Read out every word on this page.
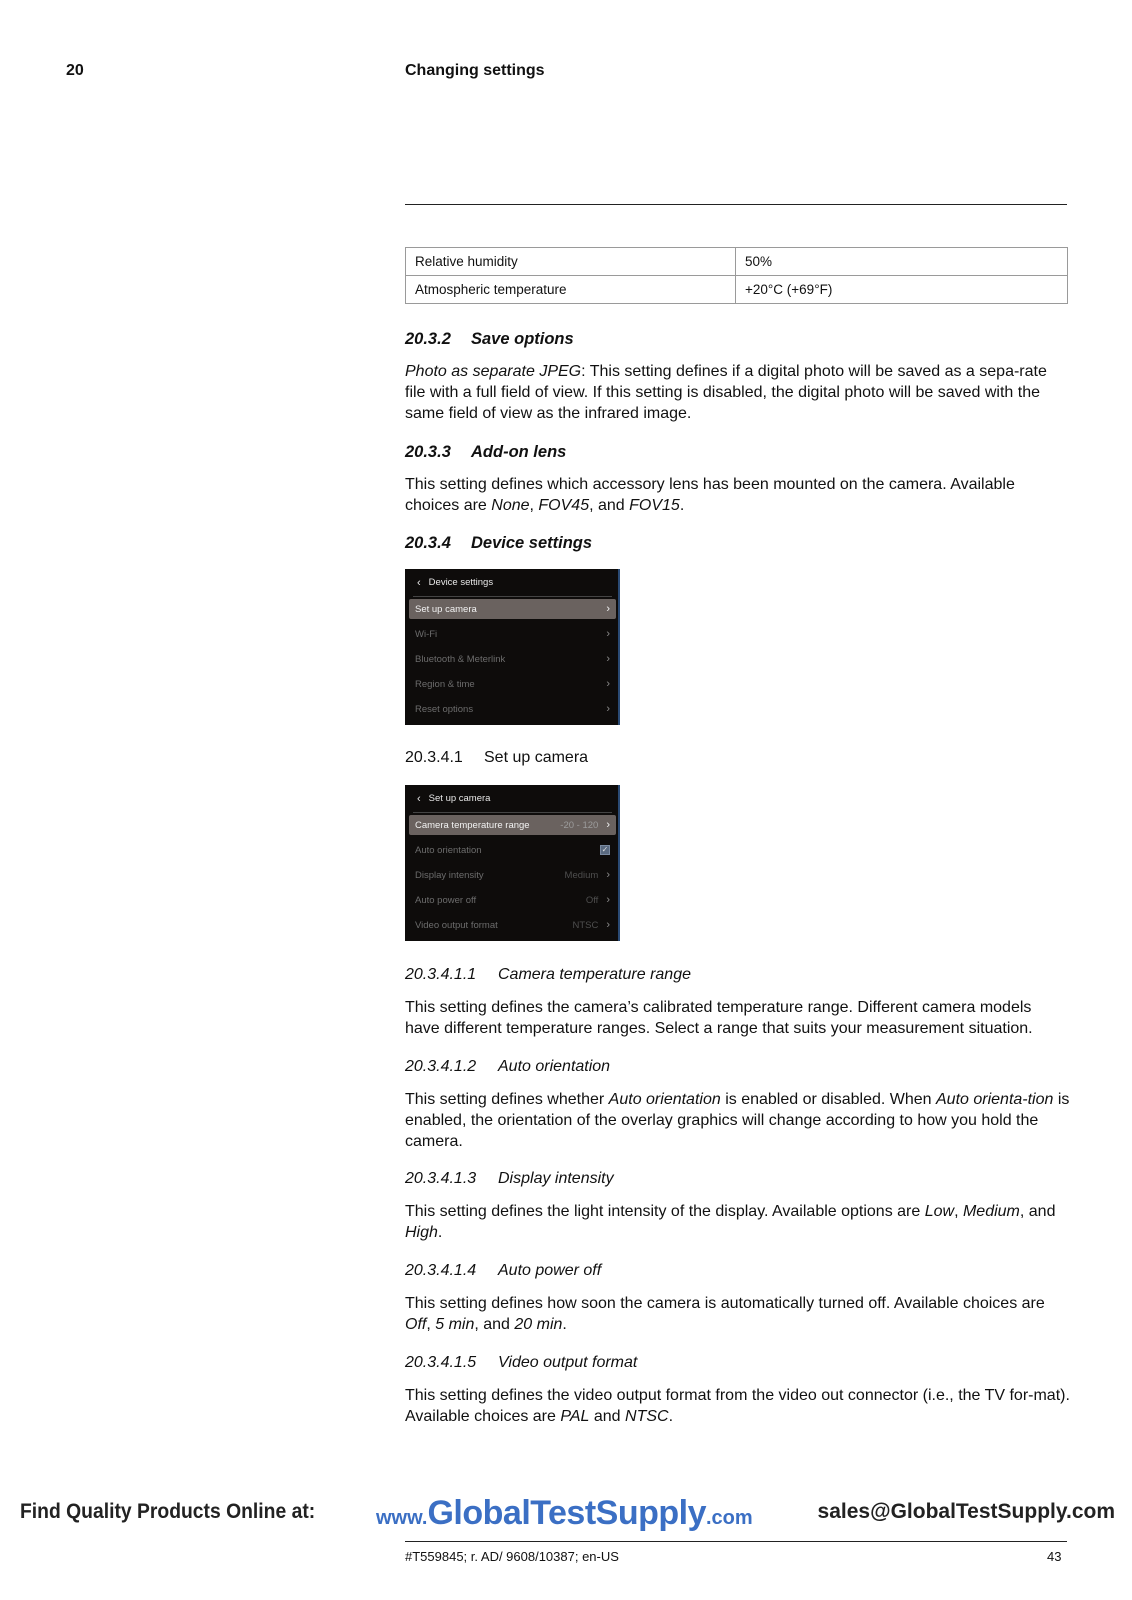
20	Changing settings
Relative humidity	50%
Atmospheric temperature	+20°C (+69°F)
20.3.2 Save options
Photo as separate JPEG: This setting defines if a digital photo will be saved as a sepa-rate file with a full field of view. If this setting is disabled, the digital photo will be saved with the same field of view as the infrared image.
20.3.3 Add-on lens
This setting defines which accessory lens has been mounted on the camera. Available choices are None, FOV45, and FOV15.
20.3.4 Device settings
‹ Device settings
Set up camera	›
Wi-Fi	›
Bluetooth & Meterlink	›
Region & time	›
Reset options	›
20.3.4.1 Set up camera
‹ Set up camera
Camera temperature range	-20 - 120 ›
Auto orientation	✓
Display intensity	Medium ›
Auto power off	Off ›
Video output format	NTSC ›
20.3.4.1.1 Camera temperature range
This setting defines the camera’s calibrated temperature range. Different camera models have different temperature ranges. Select a range that suits your measurement situation.
20.3.4.1.2 Auto orientation
This setting defines whether Auto orientation is enabled or disabled. When Auto orienta-tion is enabled, the orientation of the overlay graphics will change according to how you hold the camera.
20.3.4.1.3 Display intensity
This setting defines the light intensity of the display. Available options are Low, Medium, and High.
20.3.4.1.4 Auto power off
This setting defines how soon the camera is automatically turned off. Available choices are Off, 5 min, and 20 min.
20.3.4.1.5 Video output format
This setting defines the video output format from the video out connector (i.e., the TV for-mat). Available choices are PAL and NTSC.
Find Quality Products Online at:	www.GlobalTestSupply.com	sales@GlobalTestSupply.com
#T559845; r. AD/ 9608/10387; en-US	43
